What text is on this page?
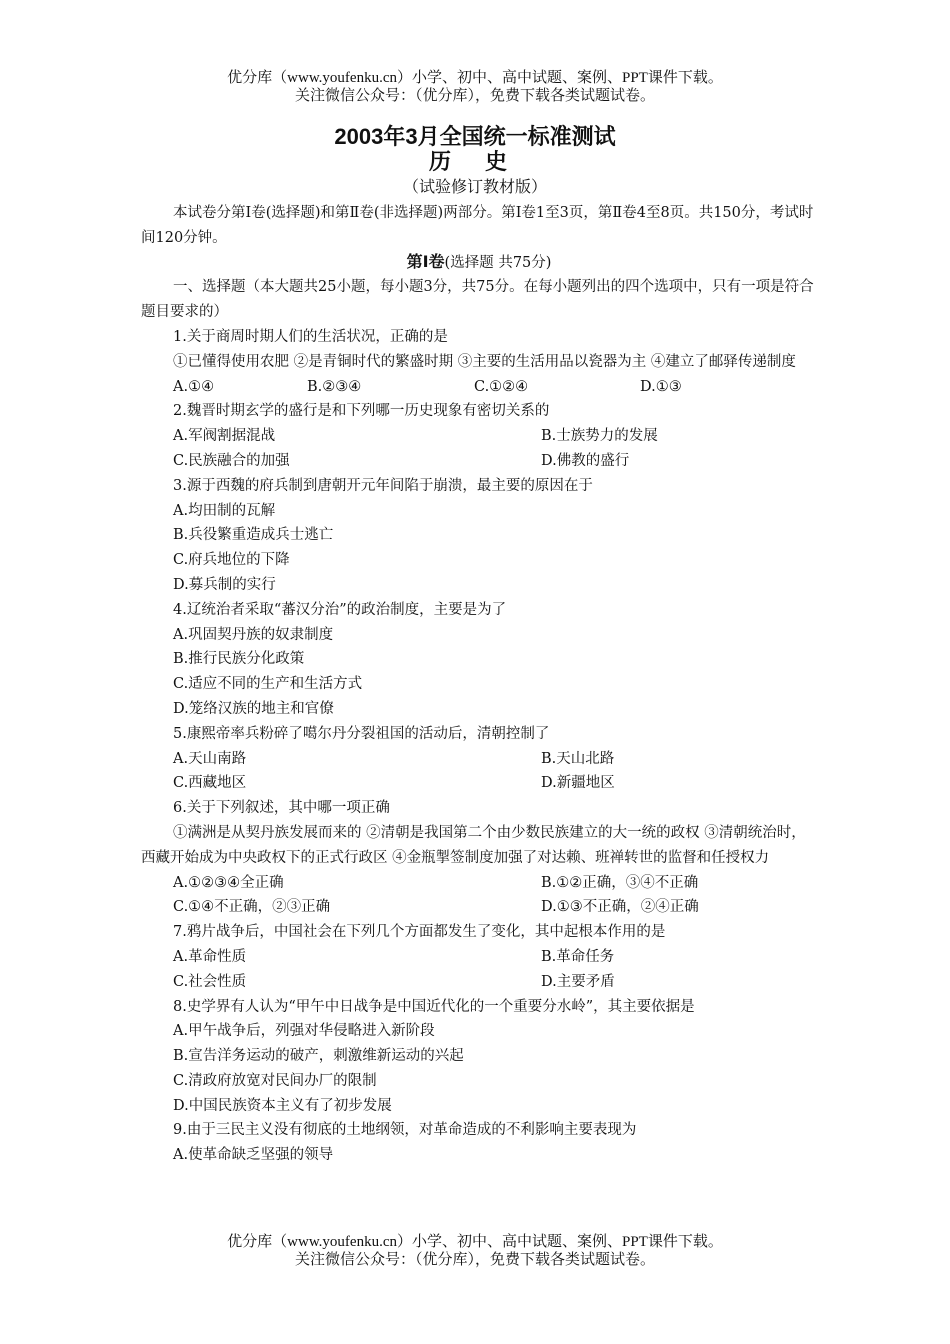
优分库（www.youfenku.cn）小学、初中、高中试题、案例、PPT课件下载。
关注微信公众号：（优分库），免费下载各类试题试卷。
2003年3月全国统一标准测试
历 史
（试验修订教材版）

本试卷分第Ⅰ卷(选择题)和第Ⅱ卷(非选择题)两部分。第Ⅰ卷1至3页，第Ⅱ卷4至8页。共150分，考试时间120分钟。

第Ⅰ卷(选择题 共75分)

一、选择题（本大题共25小题，每小题3分，共75分。在每小题列出的四个选项中，只有一项是符合题目要求的）

1.关于商周时期人们的生活状况，正确的是

①已懂得使用农肥 ②是青铜时代的繁盛时期 ③主要的生活用品以瓷器为主 ④建立了邮驿传递制度

A.①④	B.②③④	C.①②④	D.①③

2.魏晋时期玄学的盛行是和下列哪一历史现象有密切关系的

A.军阀割据混战	B.士族势力的发展
C.民族融合的加强	D.佛教的盛行

3.源于西魏的府兵制到唐朝开元年间陷于崩溃，最主要的原因在于

A.均田制的瓦解

B.兵役繁重造成兵士逃亡

C.府兵地位的下降

D.募兵制的实行

4.辽统治者采取“蕃汉分治”的政治制度，主要是为了

A.巩固契丹族的奴隶制度

B.推行民族分化政策

C.适应不同的生产和生活方式

D.笼络汉族的地主和官僚

5.康熙帝率兵粉碎了噶尔丹分裂祖国的活动后，清朝控制了

A.天山南路	B.天山北路
C.西藏地区	D.新疆地区

6.关于下列叙述，其中哪一项正确

①满洲是从契丹族发展而来的 ②清朝是我国第二个由少数民族建立的大一统的政权 ③清朝统治时，西藏开始成为中央政权下的正式行政区 ④金瓶掣签制度加强了对达赖、班禅转世的监督和任授权力

A.①②③④全正确	B.①②正确，③④不正确
C.①④不正确，②③正确	D.①③不正确，②④正确

7.鸦片战争后，中国社会在下列几个方面都发生了变化，其中起根本作用的是

A.革命性质	B.革命任务
C.社会性质	D.主要矛盾

8.史学界有人认为“甲午中日战争是中国近代化的一个重要分水岭”，其主要依据是

A.甲午战争后，列强对华侵略进入新阶段

B.宣告洋务运动的破产，刺激维新运动的兴起

C.清政府放宽对民间办厂的限制

D.中国民族资本主义有了初步发展

9.由于三民主义没有彻底的土地纲领，对革命造成的不利影响主要表现为

A.使革命缺乏坚强的领导

优分库（www.youfenku.cn）小学、初中、高中试题、案例、PPT课件下载。
关注微信公众号：（优分库），免费下载各类试题试卷。
